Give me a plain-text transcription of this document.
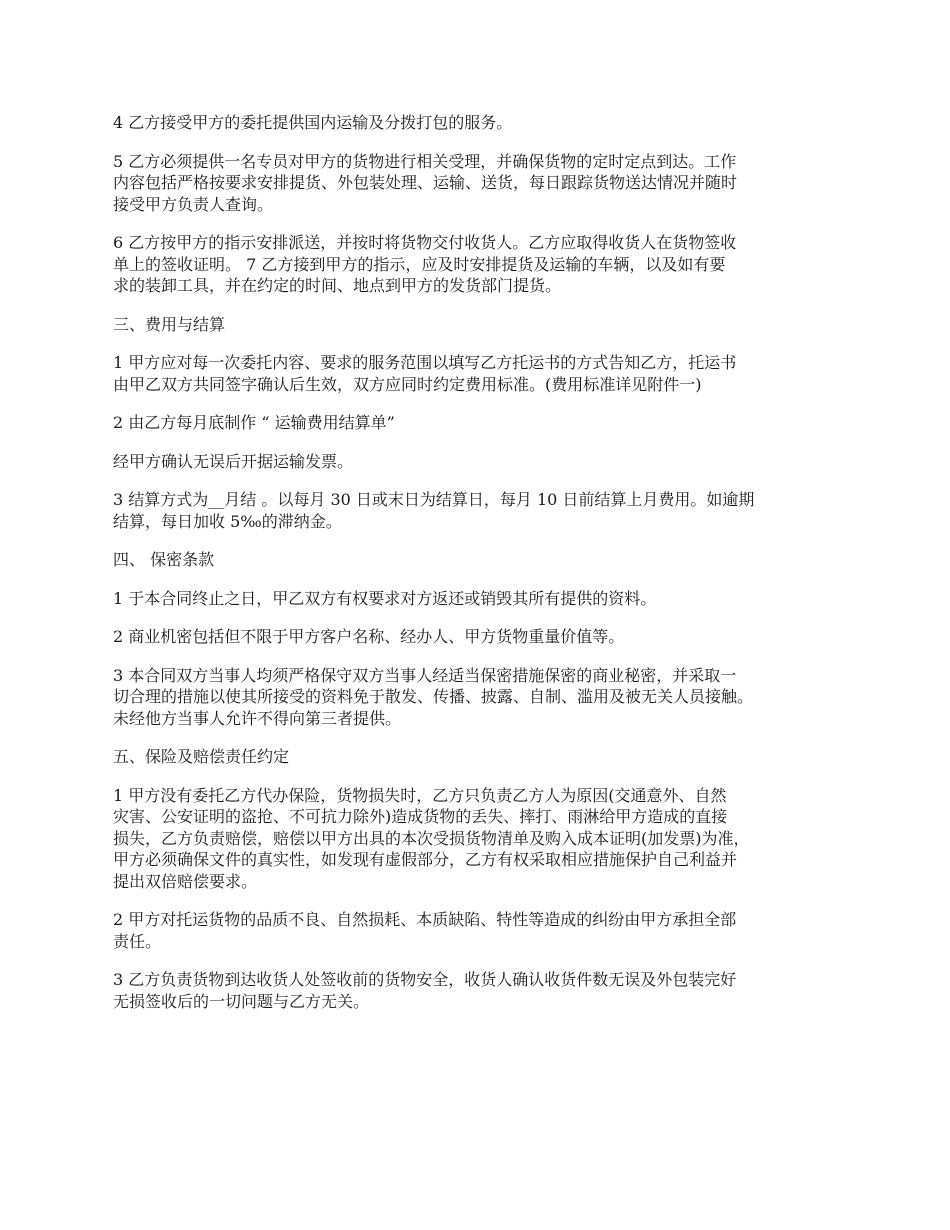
4 乙方接受甲方的委托提供国内运输及分拨打包的服务。

5 乙方必须提供一名专员对甲方的货物进行相关受理，并确保货物的定时定点到达。工作
内容包括严格按要求安排提货、外包装处理、运输、送货，每日跟踪货物送达情况并随时
接受甲方负责人查询。

6 乙方按甲方的指示安排派送，并按时将货物交付收货人。乙方应取得收货人在货物签收
单上的签收证明。 7 乙方接到甲方的指示，应及时安排提货及运输的车辆，以及如有要
求的装卸工具，并在约定的时间、地点到甲方的发货部门提货。

三、费用与结算

1 甲方应对每一次委托内容、要求的服务范围以填写乙方托运书的方式告知乙方，托运书
由甲乙双方共同签字确认后生效，双方应同时约定费用标准。(费用标准详见附件一)

2 由乙方每月底制作 “ 运输费用结算单”

经甲方确认无误后开据运输发票。

3 结算方式为__月结 。以每月 30 日或末日为结算日，每月 10 日前结算上月费用。如逾期
结算，每日加收 5‰的滞纳金。

四、 保密条款

1 于本合同终止之日，甲乙双方有权要求对方返还或销毁其所有提供的资料。

2 商业机密包括但不限于甲方客户名称、经办人、甲方货物重量价值等。

3 本合同双方当事人均须严格保守双方当事人经适当保密措施保密的商业秘密，并采取一
切合理的措施以使其所接受的资料免于散发、传播、披露、自制、滥用及被无关人员接触。
未经他方当事人允许不得向第三者提供。

五、保险及赔偿责任约定

1 甲方没有委托乙方代办保险，货物损失时，乙方只负责乙方人为原因(交通意外、自然
灾害、公安证明的盗抢、不可抗力除外)造成货物的丢失、摔打、雨淋给甲方造成的直接
损失，乙方负责赔偿，赔偿以甲方出具的本次受损货物清单及购入成本证明(加发票)为准，
甲方必须确保文件的真实性，如发现有虚假部分，乙方有权采取相应措施保护自己利益并
提出双倍赔偿要求。

2 甲方对托运货物的品质不良、自然损耗、本质缺陷、特性等造成的纠纷由甲方承担全部
责任。

3 乙方负责货物到达收货人处签收前的货物安全，收货人确认收货件数无误及外包装完好
无损签收后的一切问题与乙方无关。
